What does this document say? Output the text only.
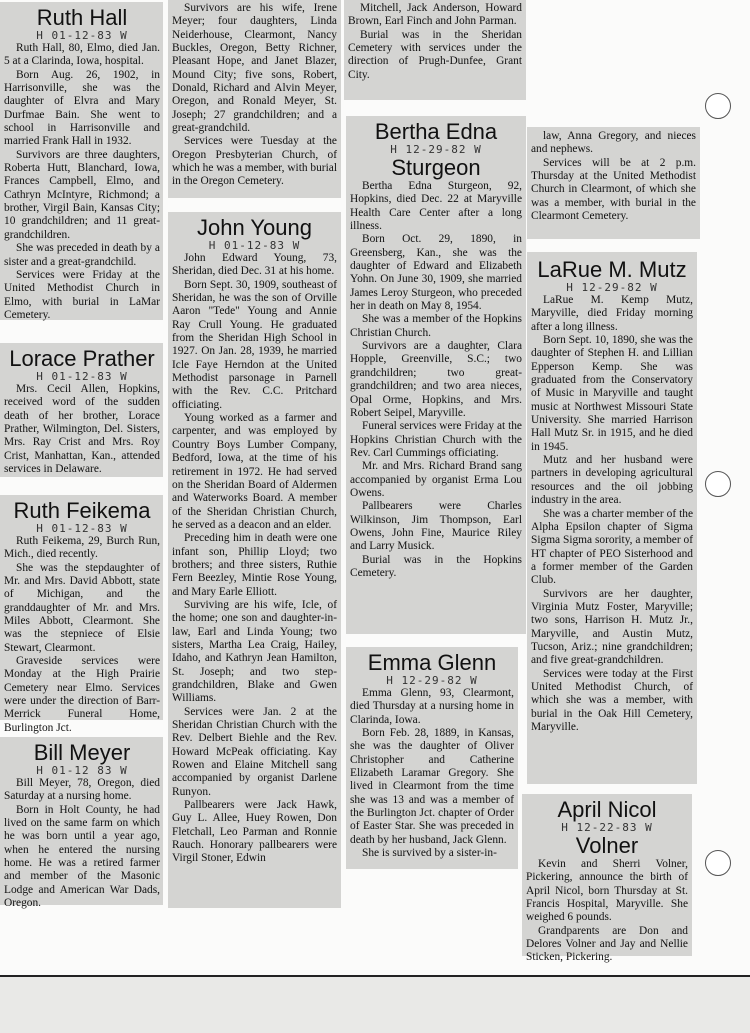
Ruth Hall
H 01-12-83 W

Ruth Hall, 80, Elmo, died Jan. 5 at a Clarinda, Iowa, hospital.

Born Aug. 26, 1902, in Harrisonville, she was the daughter of Elvra and Mary Durfmae Bain. She went to school in Harrisonville and married Frank Hall in 1932.

Survivors are three daughters, Roberta Hutt, Blanchard, Iowa, Frances Campbell, Elmo, and Cathryn McIntyre, Richmond; a brother, Virgil Bain, Kansas City; 10 grandchildren; and 11 great-grandchildren.

She was preceded in death by a sister and a great-grandchild.

Services were Friday at the United Methodist Church in Elmo, with burial in LaMar Cemetery.

Lorace Prather
H 01-12-83 W

Mrs. Cecil Allen, Hopkins, received word of the sudden death of her brother, Lorace Prather, Wilmington, Del. Sisters, Mrs. Ray Crist and Mrs. Roy Crist, Manhattan, Kan., attended services in Delaware.

Ruth Feikema
H 01-12-83 W

Ruth Feikema, 29, Burch Run, Mich., died recently.

She was the stepdaughter of Mr. and Mrs. David Abbott, state of Michigan, and the granddaughter of Mr. and Mrs. Miles Abbott, Clearmont. She was the stepniece of Elsie Stewart, Clearmont.

Graveside services were Monday at the High Prairie Cemetery near Elmo. Services were under the direction of Barr-Merrick Funeral Home, Burlington Jct.

Bill Meyer
H 01-12 83 W

Bill Meyer, 78, Oregon, died Saturday at a nursing home.

Born in Holt County, he had lived on the same farm on which he was born until a year ago, when he entered the nursing home. He was a retired farmer and member of the Masonic Lodge and American War Dads, Oregon.

Survivors are his wife, Irene Meyer; four daughters, Linda Neiderhouse, Clearmont, Nancy Buckles, Oregon, Betty Richner, Pleasant Hope, and Janet Blazer, Mound City; five sons, Robert, Donald, Richard and Alvin Meyer, Oregon, and Ronald Meyer, St. Joseph; 27 grandchildren; and a great-grandchild.

Services were Tuesday at the Oregon Presbyterian Church, of which he was a member, with burial in the Oregon Cemetery.

John Young
H 01-12-83 W

John Edward Young, 73, Sheridan, died Dec. 31 at his home.

Born Sept. 30, 1909, southeast of Sheridan, he was the son of Orville Aaron "Tede" Young and Annie Ray Crull Young. He graduated from the Sheridan High School in 1927. On Jan. 28, 1939, he married Icle Faye Herndon at the United Methodist parsonage in Parnell with the Rev. C.C. Pritchard officiating.

Young worked as a farmer and carpenter, and was employed by Country Boys Lumber Company, Bedford, Iowa, at the time of his retirement in 1972. He had served on the Sheridan Board of Aldermen and Waterworks Board. A member of the Sheridan Christian Church, he served as a deacon and an elder.

Preceding him in death were one infant son, Phillip Lloyd; two brothers; and three sisters, Ruthie Fern Beezley, Mintie Rose Young, and Mary Earle Elliott.

Surviving are his wife, Icle, of the home; one son and daughter-in-law, Earl and Linda Young; two sisters, Martha Lea Craig, Hailey, Idaho, and Kathryn Jean Hamilton, St. Joseph; and two step-grandchildren, Blake and Gwen Williams.

Services were Jan. 2 at the Sheridan Christian Church with the Rev. Delbert Biehle and the Rev. Howard McPeak officiating. Kay Rowen and Elaine Mitchell sang accompanied by organist Darlene Runyon.

Pallbearers were Jack Hawk, Guy L. Allee, Huey Rowen, Don Fletchall, Leo Parman and Ronnie Rauch. Honorary pallbearers were Virgil Stoner, Edwin

Mitchell, Jack Anderson, Howard Brown, Earl Finch and John Parman.

Burial was in the Sheridan Cemetery with services under the direction of Prugh-Dunfee, Grant City.

Bertha Edna
H 12-29-82 W
Sturgeon

Bertha Edna Sturgeon, 92, Hopkins, died Dec. 22 at Maryville Health Care Center after a long illness.

Born Oct. 29, 1890, in Greensberg, Kan., she was the daughter of Edward and Elizabeth Yohn. On June 30, 1909, she married James Leroy Sturgeon, who preceded her in death on May 8, 1954.

She was a member of the Hopkins Christian Church.

Survivors are a daughter, Clara Hopple, Greenville, S.C.; two grandchildren; two great-grandchildren; and two area nieces, Opal Orme, Hopkins, and Mrs. Robert Seipel, Maryville.

Funeral services were Friday at the Hopkins Christian Church with the Rev. Carl Cummings officiating.

Mr. and Mrs. Richard Brand sang accompanied by organist Erma Lou Owens.

Pallbearers were Charles Wilkinson, Jim Thompson, Earl Owens, John Fine, Maurice Riley and Larry Musick.

Burial was in the Hopkins Cemetery.

Emma Glenn
H 12-29-82 W

Emma Glenn, 93, Clearmont, died Thursday at a nursing home in Clarinda, Iowa.

Born Feb. 28, 1889, in Kansas, she was the daughter of Oliver Christopher and Catherine Elizabeth Laramar Gregory. She lived in Clearmont from the time she was 13 and was a member of the Burlington Jct. chapter of Order of Easter Star. She was preceded in death by her husband, Jack Glenn.

She is survived by a sister-in-

law, Anna Gregory, and nieces and nephews.

Services will be at 2 p.m. Thursday at the United Methodist Church in Clearmont, of which she was a member, with burial in the Clearmont Cemetery.

LaRue M. Mutz
H 12-29-82 W

LaRue M. Kemp Mutz, Maryville, died Friday morning after a long illness.

Born Sept. 10, 1890, she was the daughter of Stephen H. and Lillian Epperson Kemp. She was graduated from the Conservatory of Music in Maryville and taught music at Northwest Missouri State University. She married Harrison Hall Mutz Sr. in 1915, and he died in 1945.

Mutz and her husband were partners in developing agricultural resources and the oil jobbing industry in the area.

She was a charter member of the Alpha Epsilon chapter of Sigma Sigma Sigma sorority, a member of HT chapter of PEO Sisterhood and a former member of the Garden Club.

Survivors are her daughter, Virginia Mutz Foster, Maryville; two sons, Harrison H. Mutz Jr., Maryville, and Austin Mutz, Tucson, Ariz.; nine grandchildren; and five great-grandchildren.

Services were today at the First United Methodist Church, of which she was a member, with burial in the Oak Hill Cemetery, Maryville.

April Nicol
H 12-22-83 W
Volner

Kevin and Sherri Volner, Pickering, announce the birth of April Nicol, born Thursday at St. Francis Hospital, Maryville. She weighed 6 pounds.

Grandparents are Don and Delores Volner and Jay and Nellie Sticken, Pickering.
